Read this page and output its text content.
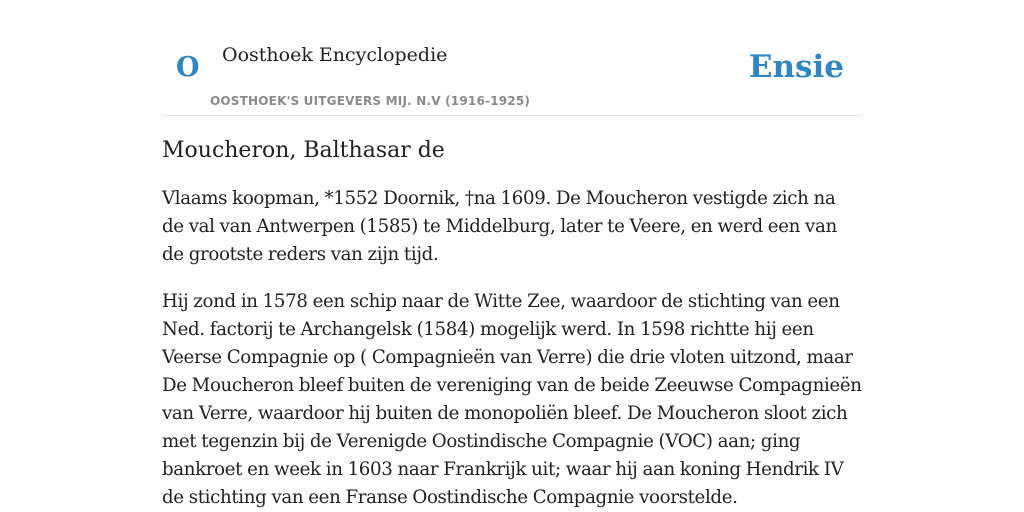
O Oosthoek Encyclopedie
OOSTHOEK'S UITGEVERS MIJ. N.V (1916-1925)
Ensie
Moucheron, Balthasar de

Vlaams koopman, *1552 Doornik, †na 1609. De Moucheron vestigde zich na de val van Antwerpen (1585) te Middelburg, later te Veere, en werd een van de grootste reders van zijn tijd.

Hij zond in 1578 een schip naar de Witte Zee, waardoor de stichting van een Ned. factorij te Archangelsk (1584) mogelijk werd. In 1598 richtte hij een Veerse Compagnie op ( Compagnieën van Verre) die drie vloten uitzond, maar De Moucheron bleef buiten de vereniging van de beide Zeeuwse Compagnieën van Verre, waardoor hij buiten de monopoliën bleef. De Moucheron sloot zich met tegenzin bij de Verenigde Oostindische Compagnie (VOC) aan; ging bankroet en week in 1603 naar Frankrijk uit; waar hij aan koning Hendrik IV de stichting van een Franse Oostindische Compagnie voorstelde.
